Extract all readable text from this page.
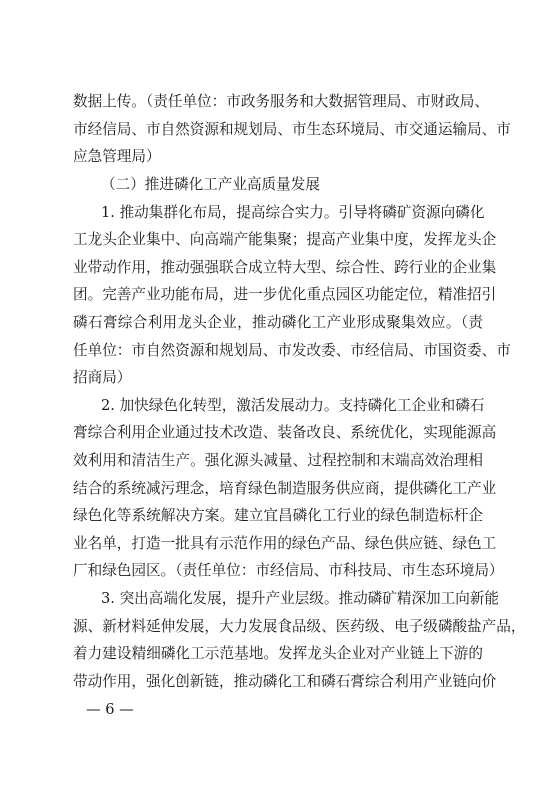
数据上传。（责任单位：市政务服务和大数据管理局、市财政局、
市经信局、市自然资源和规划局、市生态环境局、市交通运输局、市
应急管理局）
（二）推进磷化工产业高质量发展
1. 推动集群化布局，提高综合实力。引导将磷矿资源向磷化
工龙头企业集中、向高端产能集聚；提高产业集中度，发挥龙头企
业带动作用，推动强强联合成立特大型、综合性、跨行业的企业集
团。完善产业功能布局，进一步优化重点园区功能定位，精准招引
磷石膏综合利用龙头企业，推动磷化工产业形成聚集效应。（责
任单位：市自然资源和规划局、市发改委、市经信局、市国资委、市
招商局）
2. 加快绿色化转型，激活发展动力。支持磷化工企业和磷石
膏综合利用企业通过技术改造、装备改良、系统优化，实现能源高
效利用和清洁生产。强化源头减量、过程控制和末端高效治理相
结合的系统减污理念，培育绿色制造服务供应商，提供磷化工产业
绿色化等系统解决方案。建立宜昌磷化工行业的绿色制造标杆企
业名单，打造一批具有示范作用的绿色产品、绿色供应链、绿色工
厂和绿色园区。（责任单位：市经信局、市科技局、市生态环境局）
3. 突出高端化发展，提升产业层级。推动磷矿精深加工向新能
源、新材料延伸发展，大力发展食品级、医药级、电子级磷酸盐产品，
着力建设精细磷化工示范基地。发挥龙头企业对产业链上下游的
带动作用，强化创新链，推动磷化工和磷石膏综合利用产业链向价
— 6 —
